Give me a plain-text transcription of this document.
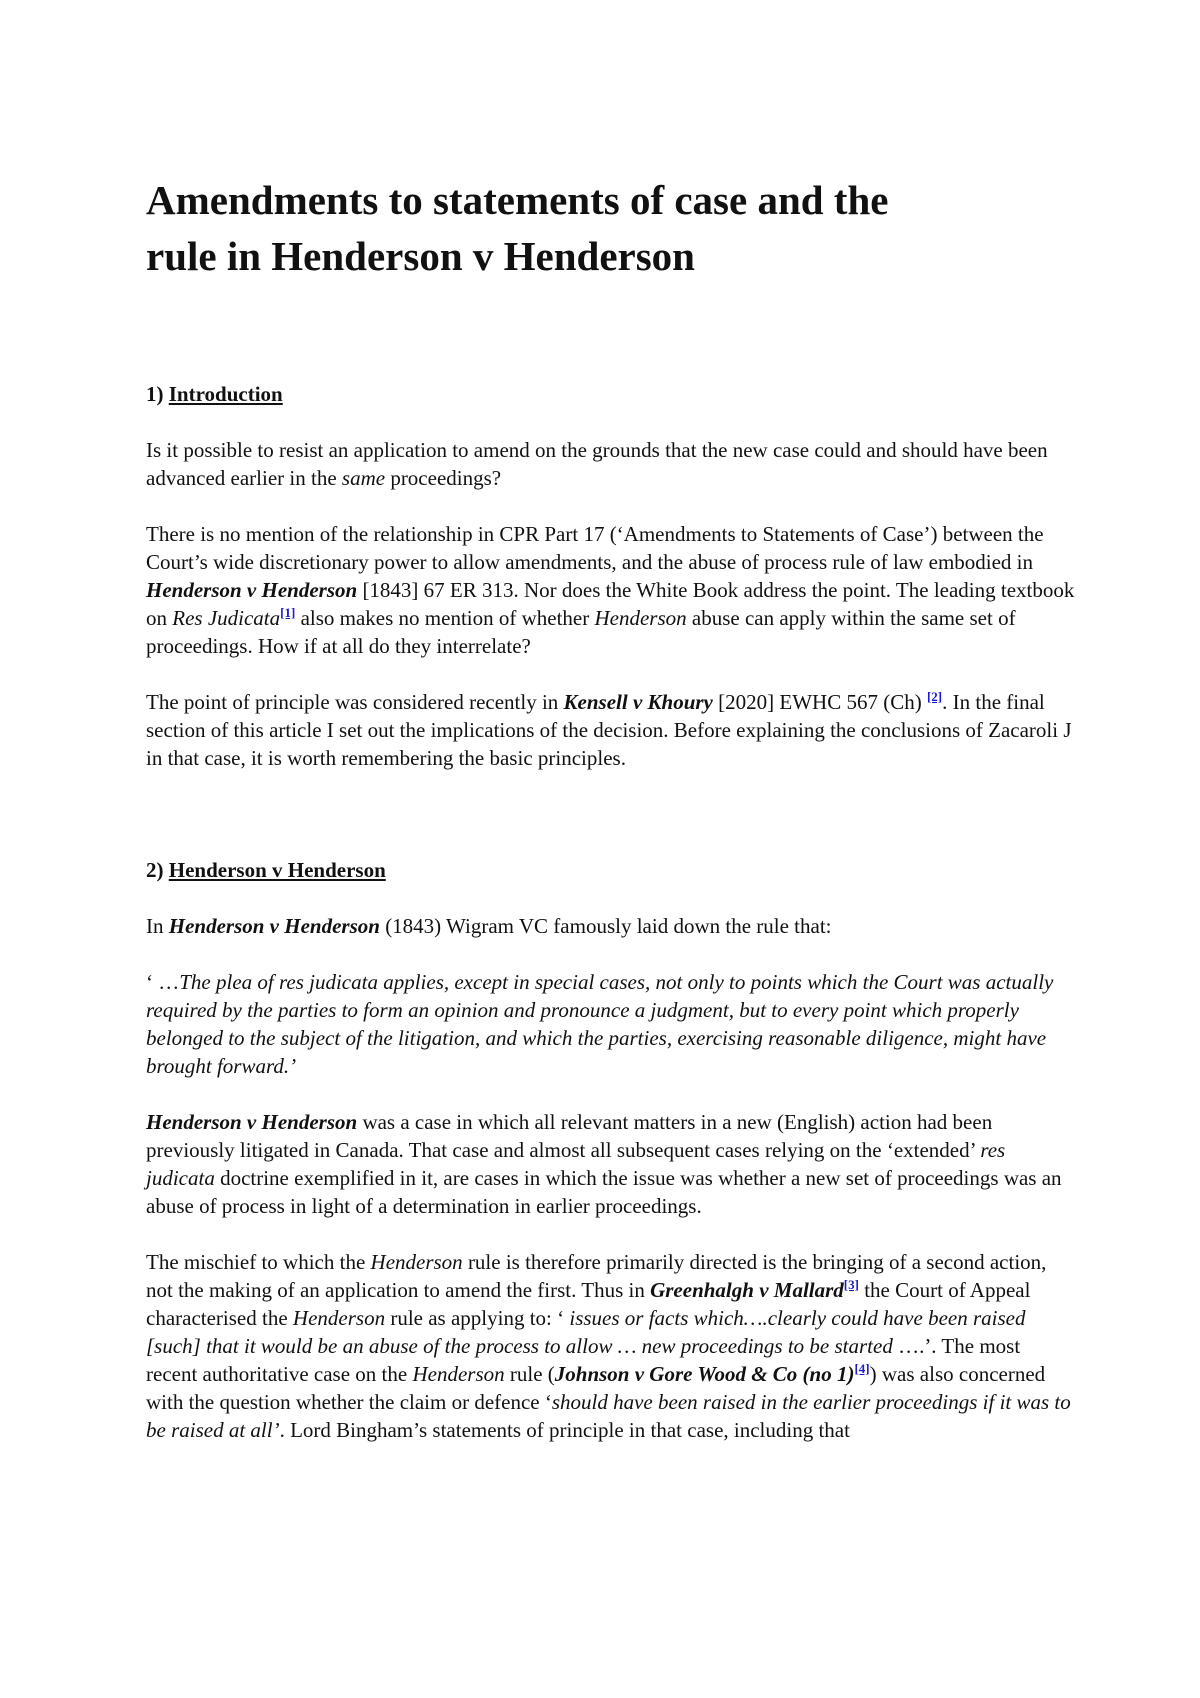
Amendments to statements of case and the
rule in Henderson v Henderson
1) Introduction

Is it possible to resist an application to amend on the grounds that the new case could and should have been advanced earlier in the same proceedings?

There is no mention of the relationship in CPR Part 17 (‘Amendments to Statements of Case’) between the Court’s wide discretionary power to allow amendments, and the abuse of process rule of law embodied in Henderson v Henderson [1843] 67 ER 313. Nor does the White Book address the point. The leading textbook on Res Judicata[1] also makes no mention of whether Henderson abuse can apply within the same set of proceedings. How if at all do they interrelate?

The point of principle was considered recently in Kensell v Khoury [2020] EWHC 567 (Ch) [2]. In the final section of this article I set out the implications of the decision. Before explaining the conclusions of Zacaroli J in that case, it is worth remembering the basic principles.

2) Henderson v Henderson

In Henderson v Henderson (1843) Wigram VC famously laid down the rule that:

‘ …The plea of res judicata applies, except in special cases, not only to points which the Court was actually required by the parties to form an opinion and pronounce a judgment, but to every point which properly belonged to the subject of the litigation, and which the parties, exercising reasonable diligence, might have brought forward.’

Henderson v Henderson was a case in which all relevant matters in a new (English) action had been previously litigated in Canada. That case and almost all subsequent cases relying on the ‘extended’ res judicata doctrine exemplified in it, are cases in which the issue was whether a new set of proceedings was an abuse of process in light of a determination in earlier proceedings.

The mischief to which the Henderson rule is therefore primarily directed is the bringing of a second action, not the making of an application to amend the first. Thus in Greenhalgh v Mallard[3] the Court of Appeal characterised the Henderson rule as applying to: ‘ issues or facts which….clearly could have been raised [such] that it would be an abuse of the process to allow … new proceedings to be started ….’. The most recent authoritative case on the Henderson rule (Johnson v Gore Wood & Co (no 1)[4]) was also concerned with the question whether the claim or defence ‘should have been raised in the earlier proceedings if it was to be raised at all’. Lord Bingham’s statements of principle in that case, including that
